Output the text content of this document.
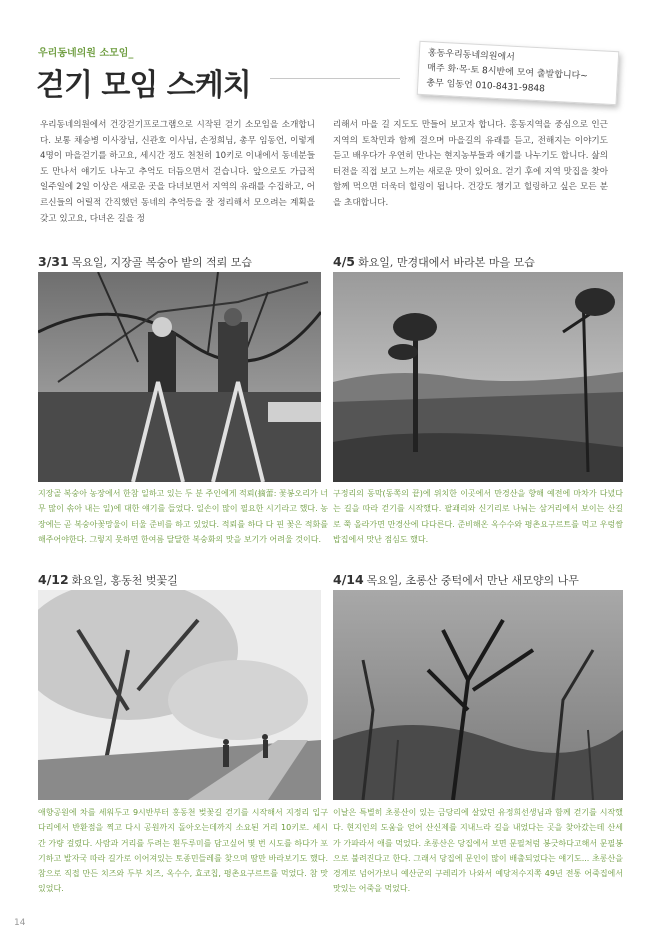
우리동네의원 소모임_
걷기 모임 스케치
홍동우리동네의원에서
매주 화·목·토 8시반에 모여 출발합니다~
총무 임동언 010-8431-9848
우리동네의원에서 건강걷기프로그램으로 시작된 걷기 소모임을 소개합니다. 보통 채승병 이사장님, 신관호 이사님, 손정희님, 총무 임동언, 이렇게 4명이 마을걷기를 하고요, 세시간 정도 천천히 10키로 이내에서 동네분들도 만나서 얘기도 나누고 추억도 더듬으면서 걷습니다. 앞으로도 가급적 일주일에 2일 이상은 새로운 곳을 다녀보면서 지역의 유래를 수집하고, 어르신들의 어릴적 간직했던 동네의 추억등을 잘 정리해서 모으려는 계획을 갖고 있고요, 다녀온 길을 정
리해서 마을 길 지도도 만들어 보고자 합니다. 홍동지역을 중심으로 인근 지역의 토착민과 함께 걸으며 마을길의 유래를 듣고, 전해지는 이야기도 듣고 배우다가 우연히 만나는 현지농부들과 얘기를 나누기도 합니다. 삶의 터전을 직접 보고 느끼는 새로운 맛이 있어요. 걷기 후에 지역 맛집을 찾아 함께 먹으면 더욱더 힐링이 됩니다. 건강도 챙기고 힐링하고 싶은 모든 분을 초대합니다.
3/31 목요일, 지장골 복숭아 밭의 적뢰 모습
지장골 복숭아 농장에서 한참 일하고 있는 두 분 주인에게 적뢰(摘蕾: 꽃봉오리가 너무 많이 솎아 내는 일)에 대한 얘기를 들었다. 일손이 많이 필요한 시기라고 했다. 농장에는 곧 복숭아꽃망울이 터울 준비를 하고 있었다. 적뢰를 하다 다 핀 꽃은 적화를 해주어야한다. 그렇지 못하면 한여름 달달한 복숭화의 맛을 보기가 어려울 것이다.
4/5 화요일, 만경대에서 바라본 마을 모습
구정리의 동막(동쪽의 끝)에 위치한 이곳에서 만경산을 향해 예전에 마차가 다녔다는 길을 따라 걷기를 시작했다. 팔괘리와 신기리로 나눠는 삼거리에서 보이는 산길로 쭉 올라가면 만경산에 다다른다. 준비해온 옥수수와 평촌요구르트를 먹고 우렁쌈밥집에서 맛난 점심도 했다.
4/12 화요일, 홍동천 벚꽃길
애향공원에 차를 세워두고 9시반부터 홍동천 벚꽃길 걷기를 시작해서 지정리 입구다리에서 반환점을 찍고 다시 공원까지 돌아오는데까지 소요된 거리 10키로. 세시간 가량 걸렸다. 사람과 거리를 두려는 흰두루미를 담고싶어 몇 번 시도를 하다가 포기하고 발자국 따라 길가로 이어져있는 토종민들레를 찾으며 땀만 바라보기도 했다. 참으로 직접 만든 치즈와 두부 치즈, 옥수수, 효코칩, 평촌요구르트를 먹었다. 참 맛있었다.
4/14 목요일, 초롱산 중턱에서 만난 새모양의 나무
이날은 특별히 초롱산이 있는 금당리에 살았던 유정희선생님과 함께 걷기를 시작했다. 현지인의 도움을 얻어 산신제를 지내느라 길을 내었다는 곳을 찾아갔는데 산세가 가파라서 애를 먹었다. 초롱산은 당집에서 보면 문필처럼 봉긋하다고해서 문필봉으로 불려진다고 한다. 그래서 당집에 문인이 많이 배출되었다는 얘기도... 초롱산을 경계로 넘어가보니 예산군의 구레리가 나와서 예당저수지쪽 49년 전통 어죽집에서 맛있는 어죽을 먹었다.
14
